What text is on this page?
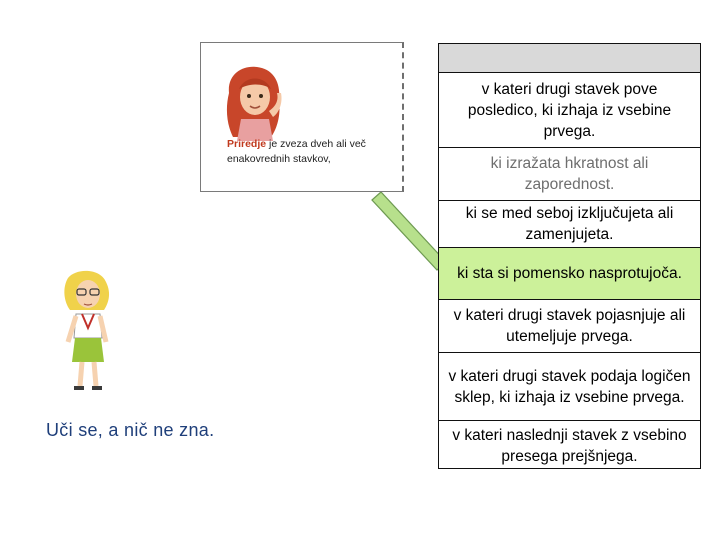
Priredje je zveza dveh ali več
enakovrednih stavkov,
v kateri drugi stavek pove posledico, ki izhaja iz vsebine prvega.
ki izražata hkratnost ali zaporednost.
ki se med seboj izključujeta ali zamenjujeta.
ki sta si pomensko nasprotujoča.
v kateri drugi stavek pojasnjuje ali utemeljuje prvega.
v kateri drugi stavek podaja logičen sklep, ki izhaja iz vsebine prvega.
v kateri naslednji stavek z vsebino presega prejšnjega.
Uči se, a nič ne zna.
